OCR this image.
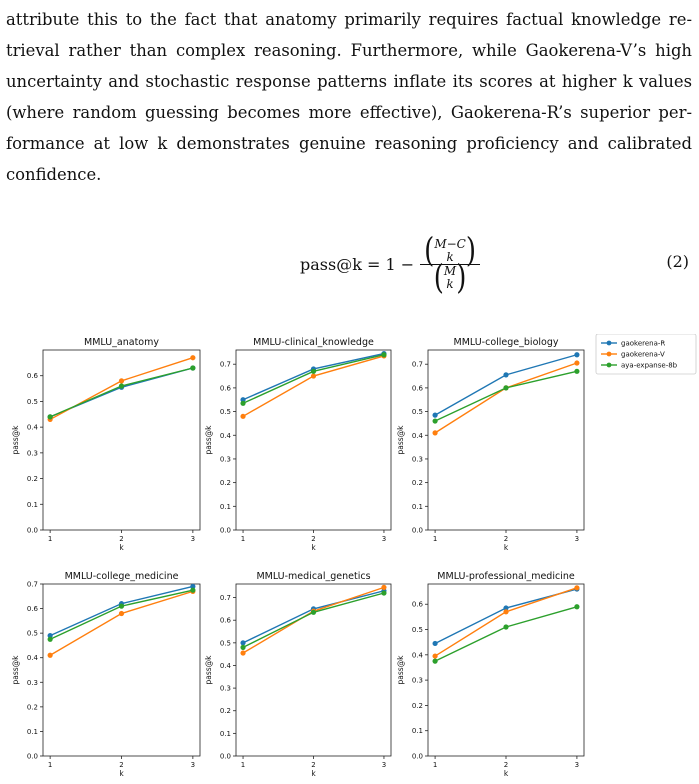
attribute this to the fact that anatomy primarily requires factual knowledge re-
trieval rather than complex reasoning. Furthermore, while Gaokerena-V’s high
uncertainty and stochastic response patterns inflate its scores at higher k values
(where random guessing becomes more effective), Gaokerena-R’s superior per-
formance at low k demonstrates genuine reasoning proficiency and calibrated
confidence.
pass@k = 1 − ( M−C
k )
( M
k )	(2)
gaokerena-R
gaokerena-V
aya-expanse-8b
MMLU_anatomy
0.0
0.1
0.2
0.3
0.4
0.5
0.6
1	2	3
k
pass@k
MMLU-clinical_knowledge
0.0
0.1
0.2
0.3
0.4
0.5
0.6
0.7
1	2	3
k
pass@k
MMLU-college_biology
0.0
0.1
0.2
0.3
0.4
0.5
0.6
0.7
1	2	3
k
pass@k
MMLU-college_medicine
0.0
0.1
0.2
0.3
0.4
0.5
0.6
0.7
1	2	3
k
pass@k
MMLU-medical_genetics
0.0
0.1
0.2
0.3
0.4
0.5
0.6
0.7
1	2	3
k
pass@k
MMLU-professional_medicine
0.0
0.1
0.2
0.3
0.4
0.5
0.6
1	2	3
k
pass@k
